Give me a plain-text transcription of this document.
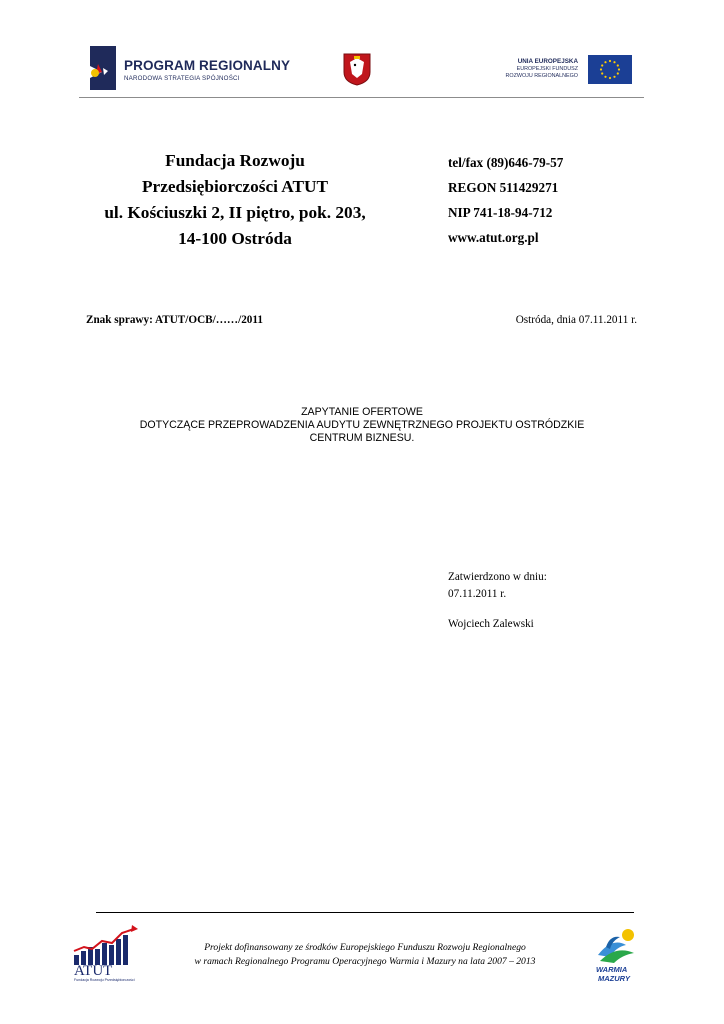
PROGRAM REGIONALNY
NARODOWA STRATEGIA SPÓJNOŚCI
UNIA EUROPEJSKA
EUROPEJSKI FUNDUSZ
ROZWOJU REGIONALNEGO
Fundacja Rozwoju
Przedsiębiorczości ATUT
ul. Kościuszki 2, II piętro, pok. 203,
14-100 Ostróda
tel/fax (89)646-79-57
REGON 511429271
NIP 741-18-94-712
www.atut.org.pl
Znak sprawy: ATUT/OCB/……/2011	Ostróda, dnia 07.11.2011 r.
ZAPYTANIE OFERTOWE
DOTYCZĄCE PRZEPROWADZENIA AUDYTU ZEWNĘTRZNEGO PROJEKTU OSTRÓDZKIE
CENTRUM BIZNESU.
Zatwierdzono w dniu:
07.11.2011 r.
Wojciech Zalewski
ATUT
Fundacja Rozwoju Przedsiębiorczości
Projekt dofinansowany ze środków Europejskiego Funduszu Rozwoju Regionalnego
w ramach Regionalnego Programu Operacyjnego Warmia i Mazury na lata 2007 – 2013
WARMIA
MAZURY
